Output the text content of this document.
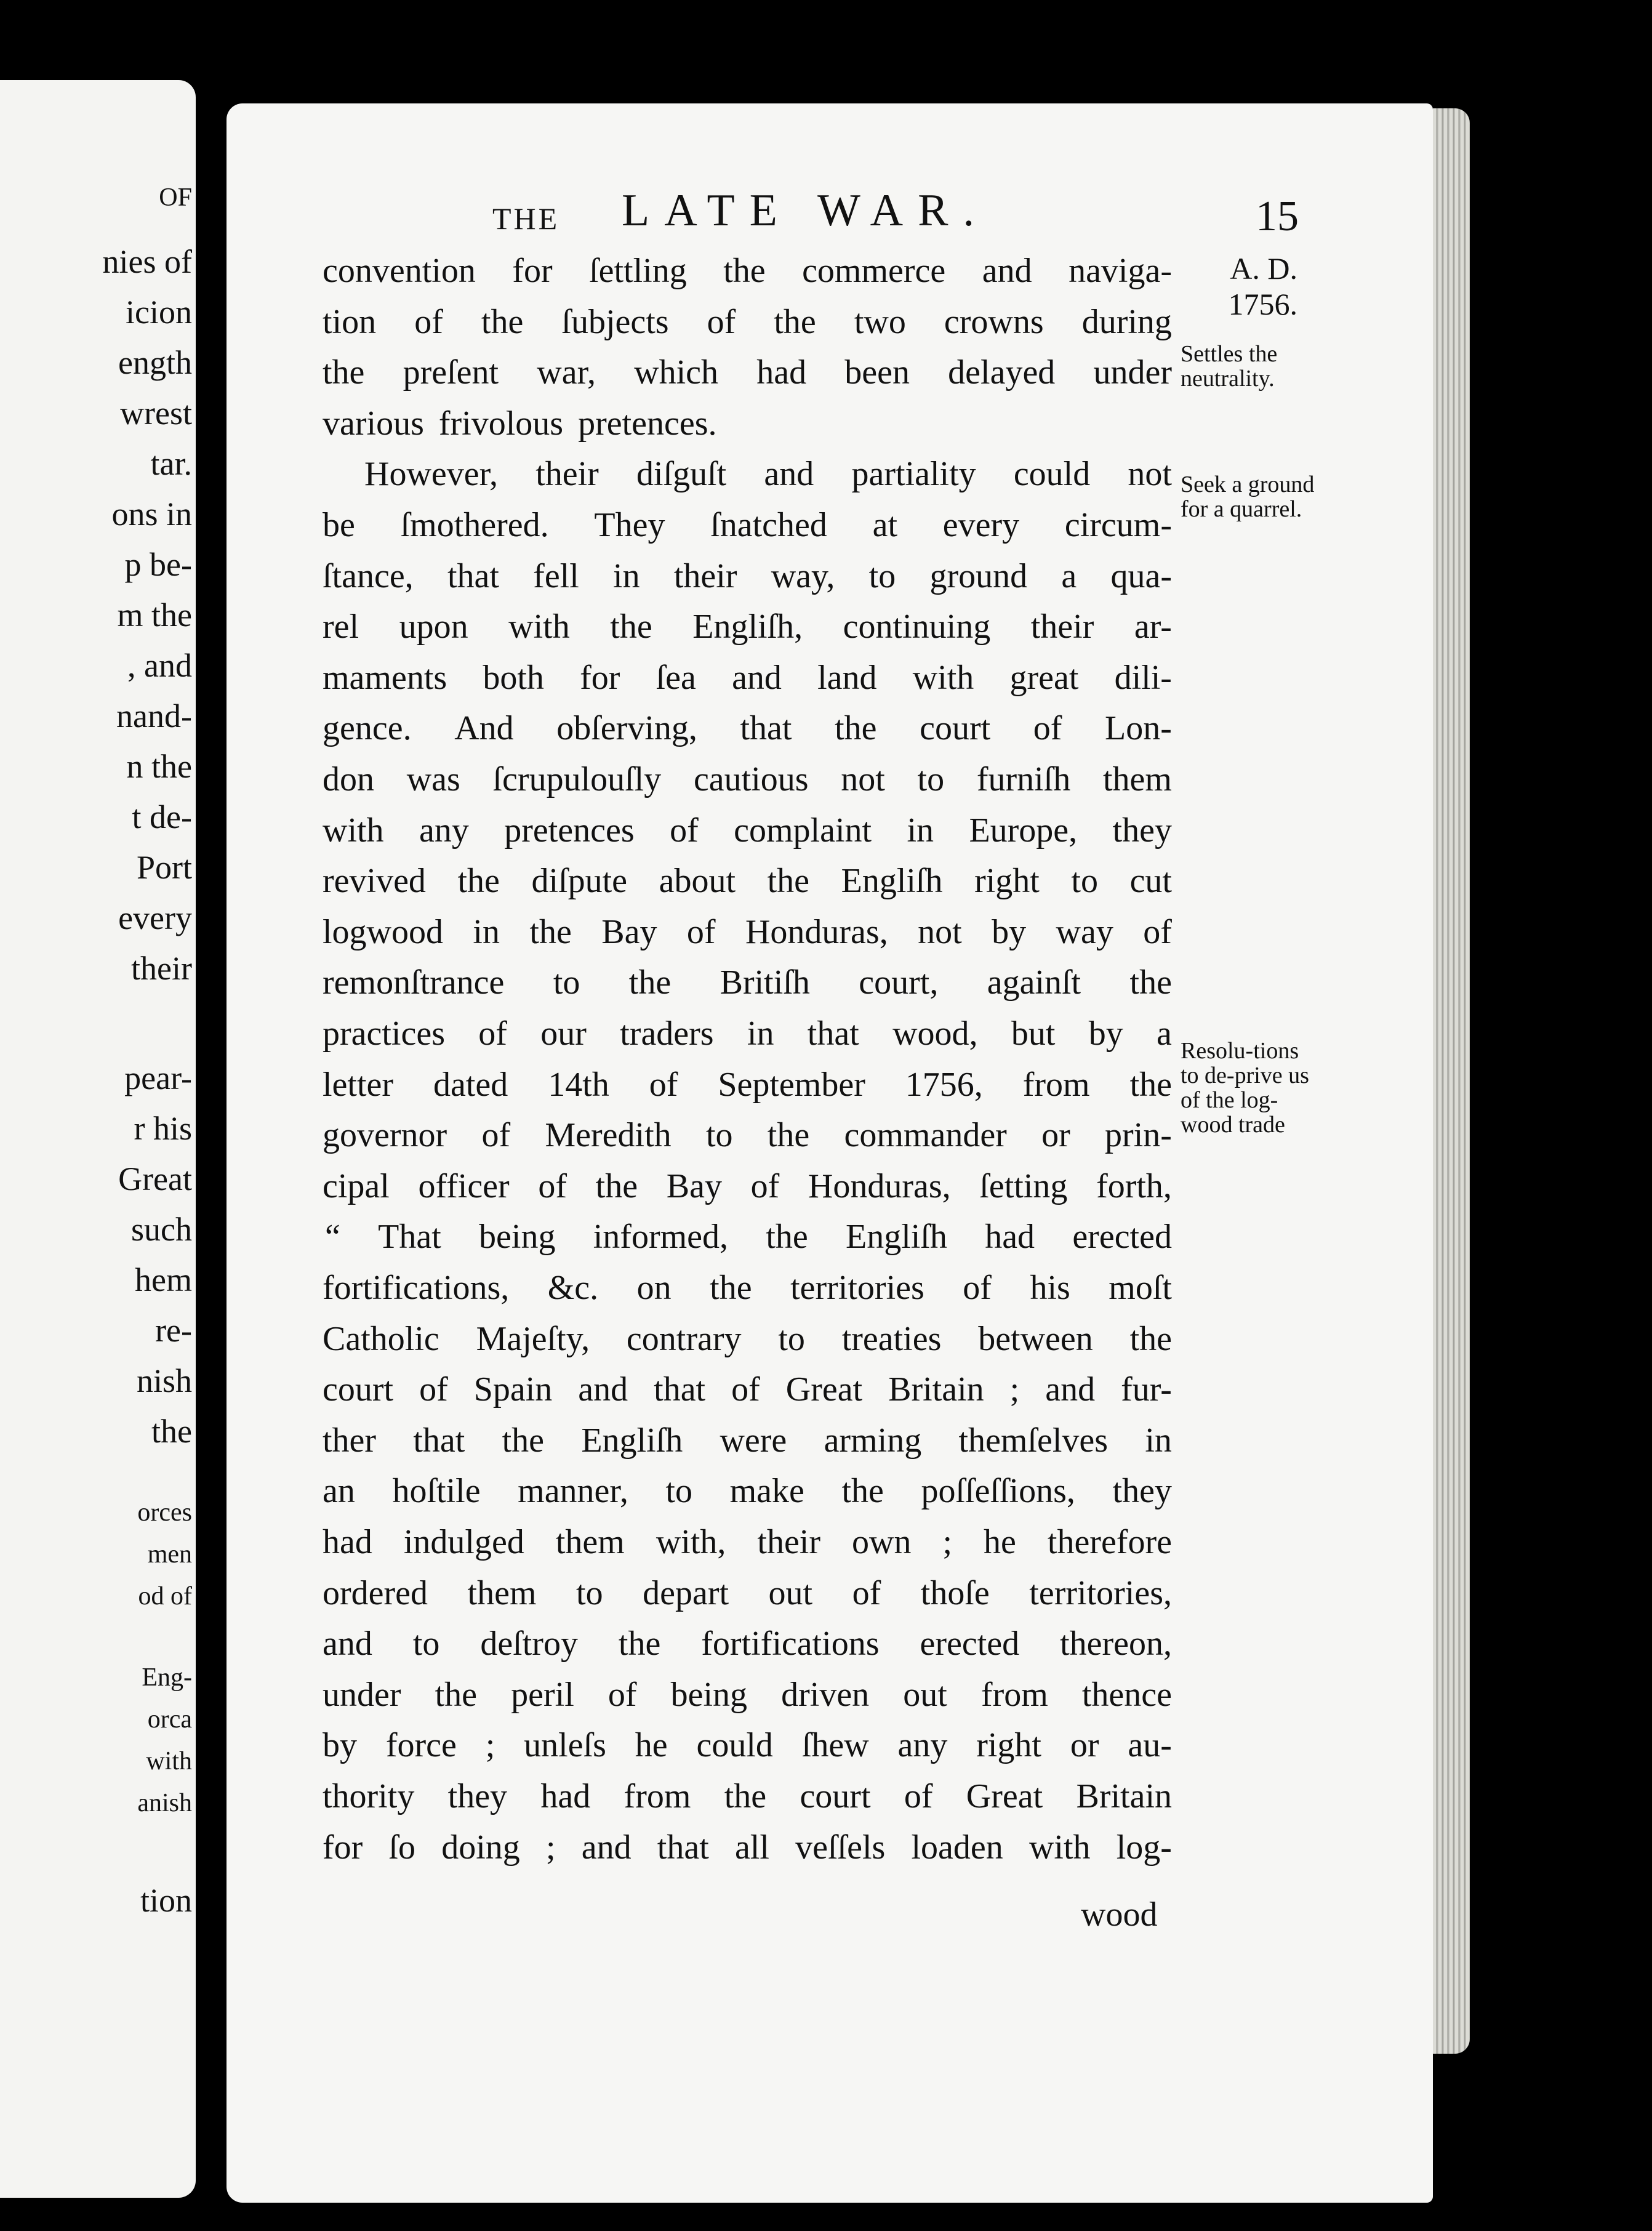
OF
nies of
icion
ength
wrest
tar.
ons in
p be-
m the
, and
nand-
n the
t de-
Port
every
their
pear-
r his
Great
such
hem
re-
nish
the
orces
men
od of
Eng-
orca
with
anish
tion
THE LATE WAR.	15
convention for ſettling the commerce and naviga-
tion of the ſubjects of the two crowns during
the preſent war, which had been delayed under
various frivolous pretences.
However, their diſguſt and partiality could not
be ſmothered. They ſnatched at every circum-
ſtance, that fell in their way, to ground a qua-
rel upon with the Engliſh, continuing their ar-
maments both for ſea and land with great dili-
gence. And obſerving, that the court of Lon-
don was ſcrupulouſly cautious not to furniſh them
with any pretences of complaint in Europe, they
revived the diſpute about the Engliſh right to cut
logwood in the Bay of Honduras, not by way of
remonſtrance to the Britiſh court, againſt the
practices of our traders in that wood, but by a
letter dated 14th of September 1756, from the
governor of Meredith to the commander or prin-
cipal officer of the Bay of Honduras, ſetting forth,
“ That being informed, the Engliſh had erected
fortifications, &c. on the territories of his moſt
Catholic Majeſty, contrary to treaties between the
court of Spain and that of Great Britain ; and fur-
ther that the Engliſh were arming themſelves in
an hoſtile manner, to make the poſſeſſions, they
had indulged them with, their own ; he therefore
ordered them to depart out of thoſe territories,
and to deſtroy the fortifications erected thereon,
under the peril of being driven out from thence
by force ; unleſs he could ſhew any right or au-
thority they had from the court of Great Britain
for ſo doing ; and that all veſſels loaden with log-
wood
A. D.
1756.
Settles the neutrality.
Seek a ground for a quarrel.
Resolu-tions to de-prive us of the log-wood trade
